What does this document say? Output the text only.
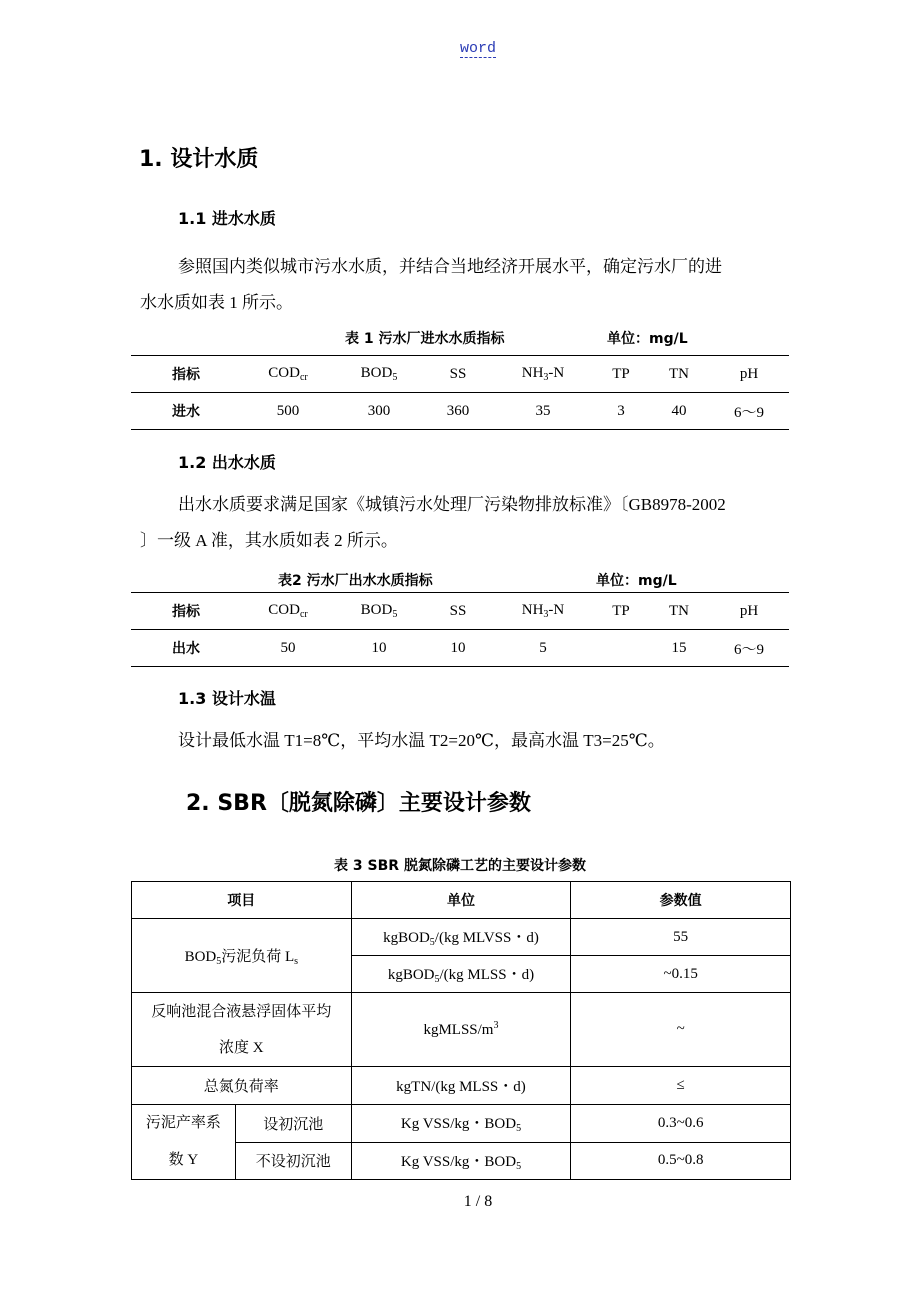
word
1. 设计水质
1.1 进水水质
参照国内类似城市污水水质，并结合当地经济开展水平，确定污水厂的进
水水质如表 1 所示。
表 1 污水厂进水水质指标	单位：mg/L
指标	$COD_{cr}$	$BOD_5$	SS	$NH_3-N$	TP	TN	pH
进水	500	300	360	35	3	40	6～9
1.2 出水水质
出水水质要求满足国家《城镇污水处理厂污染物排放标准》〔GB8978-2002
〕一级 A 准，其水质如表 2 所示。
表2 污水厂出水水质指标	单位：mg/L
指标	$COD_{cr}$	$BOD_5$	SS	$NH_3-N$	TP	TN	pH
出水	50	10	10	5		15	6～9
1.3 设计水温
设计最低水温 T1=8℃，平均水温 T2=20℃，最高水温 T3=25℃。
2. SBR〔脱氮除磷〕主要设计参数
表 3 SBR 脱氮除磷工艺的主要设计参数
项目		单位	参数值
$BOD_5$污泥负荷 $L_s$		kgBOD$_5$/(kg MLVSS・d)	55
		kgBOD$_5$/(kg MLSS・d)	~0.15

反响池混合液悬浮固体平均
浓度 X		kgMLSS/$m^3$	~
总氮负荷率		kgTN/(kg MLSS・d)	≤

污泥产率系
数 Y	设初沉池	Kg VSS/kg・$BOD_5$	0.3~0.6
	不设初沉池	Kg VSS/kg・$BOD_5$	0.5~0.8
1 / 8
